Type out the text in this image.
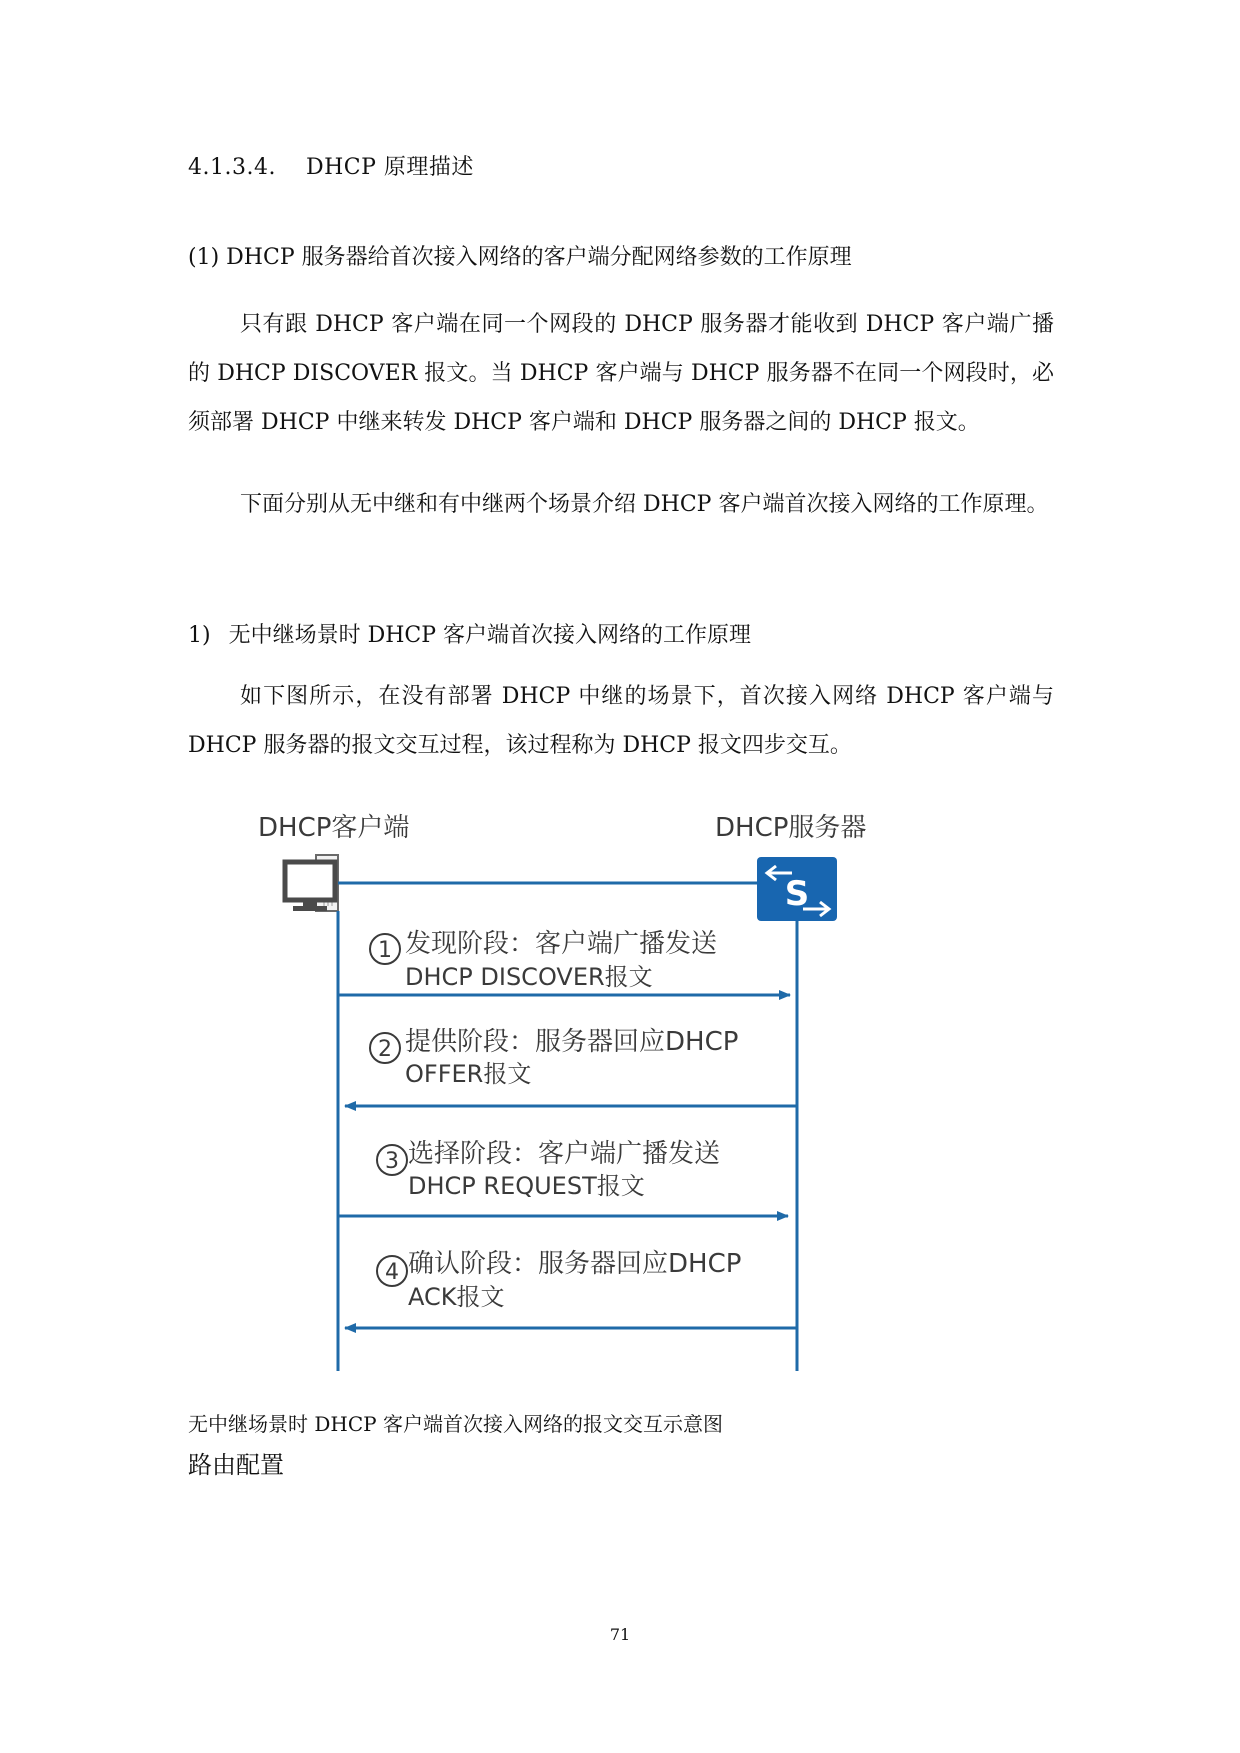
4.1.3.4. DHCP 原理描述
(1) DHCP 服务器给首次接入网络的客户端分配网络参数的工作原理

只有跟 DHCP 客户端在同一个网段的 DHCP 服务器才能收到 DHCP 客户端广播的 DHCP DISCOVER 报文。当 DHCP 客户端与 DHCP 服务器不在同一个网段时，必须部署 DHCP 中继来转发 DHCP 客户端和 DHCP 服务器之间的 DHCP 报文。

下面分别从无中继和有中继两个场景介绍 DHCP 客户端首次接入网络的工作原理。

1) 无中继场景时 DHCP 客户端首次接入网络的工作原理

如下图所示，在没有部署 DHCP 中继的场景下，首次接入网络 DHCP 客户端与 DHCP 服务器的报文交互过程，该过程称为 DHCP 报文四步交互。

DHCP客户端	DHCP服务器
S
1 发现阶段：客户端广播发送
DHCP DISCOVER报文
2 提供阶段：服务器回应DHCP
OFFER报文
3 选择阶段：客户端广播发送
DHCP REQUEST报文
4 确认阶段：服务器回应DHCP
ACK报文
无中继场景时 DHCP 客户端首次接入网络的报文交互示意图
路由配置
71
